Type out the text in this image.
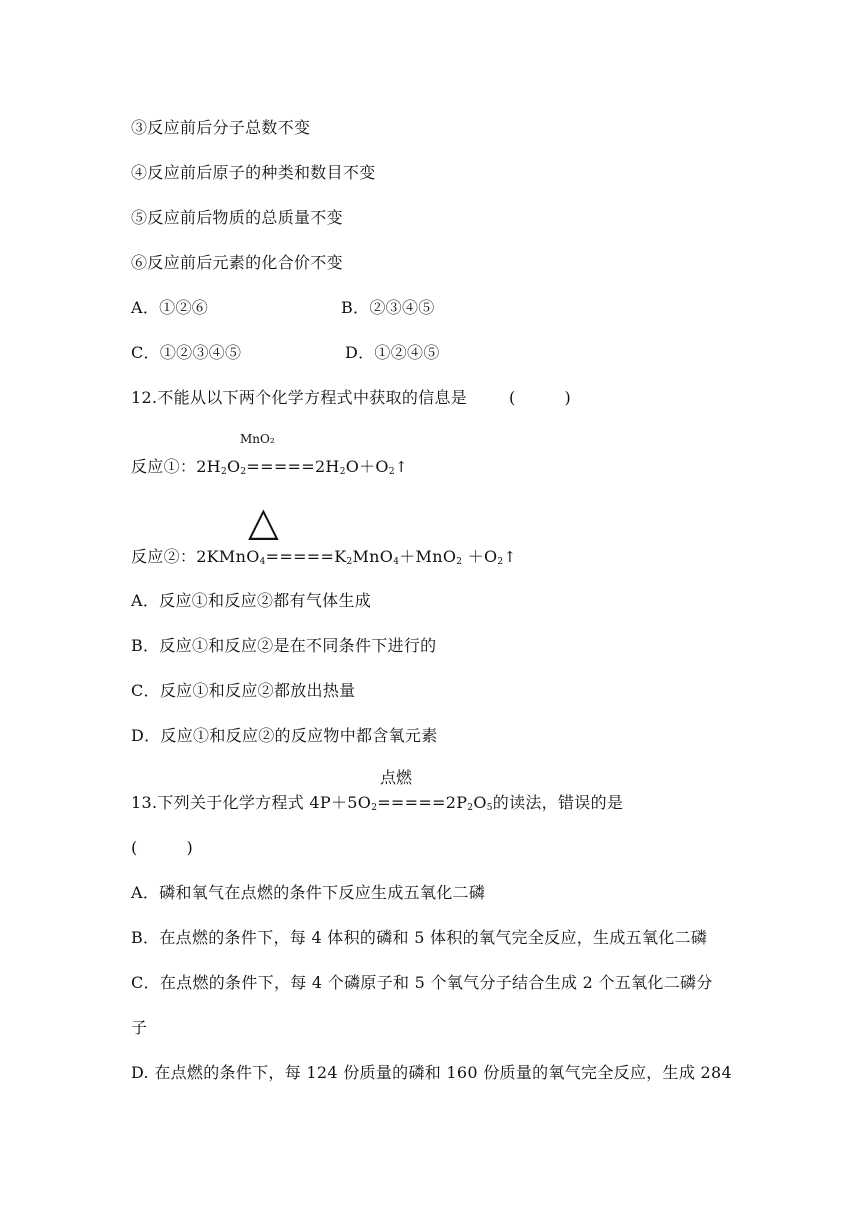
③反应前后分子总数不变
④反应前后原子的种类和数目不变
⑤反应前后物质的总质量不变
⑥反应前后元素的化合价不变
A．①②⑥	B．②③④⑤
C．①②③④⑤	D．①②④⑤
12.不能从以下两个化学方程式中获取的信息是	(　　　)
MnO₂
反应①：$2H_2O_2=====2H_2O+O_2↑$
△
反应②：$2KMnO_4=====K_2MnO_4+MnO_2$ $+O_2↑$
A．反应①和反应②都有气体生成
B．反应①和反应②是在不同条件下进行的
C．反应①和反应②都放出热量
D．反应①和反应②的反应物中都含氧元素
点燃
13.下列关于化学方程式 $4P+5O_2=====2P_2O_5$的读法，错误的是
(　　　)
A．磷和氧气在点燃的条件下反应生成五氧化二磷
B．在点燃的条件下，每 4 体积的磷和 5 体积的氧气完全反应，生成五氧化二磷
C．在点燃的条件下，每 4 个磷原子和 5 个氧气分子结合生成 2 个五氧化二磷分
子
D. 在点燃的条件下，每 124 份质量的磷和 160 份质量的氧气完全反应，生成 284
